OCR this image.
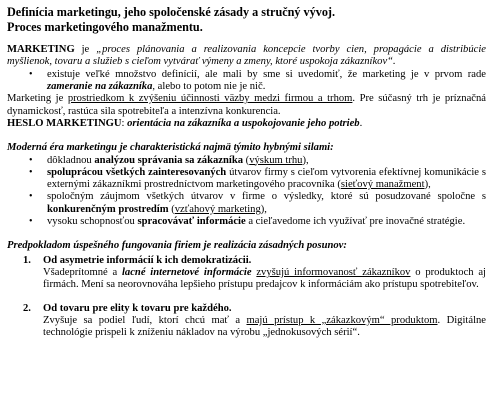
Definícia marketingu, jeho spoločenské zásady a stručný vývoj.
Proces marketingového manažmentu.

MARKETING je „proces plánovania a realizovania koncepcie tvorby cien, propagácie a distribúcie myšlienok, tovaru a služieb s cieľom vytvárať výmeny a zmeny, ktoré uspokoja zákazníkov“.

• existuje veľké množstvo definícií, ale mali by sme si uvedomiť, že marketing je v prvom rade zameranie na zákazníka, alebo to potom nie je nič.

Marketing je prostriedkom k zvýšeniu účinnosti väzby medzi firmou a trhom. Pre súčasný trh je príznačná dynamickosť, rastúca sila spotrebiteľa a intenzívna konkurencia.

HESLO MARKETINGU: orientácia na zákazníka a uspokojovanie jeho potrieb.

Moderná éra marketingu je charakteristická najmä týmito hybnými silami:

• dôkladnou analýzou správania sa zákazníka (výskum trhu),
• spoluprácou všetkých zainteresovaných útvarov firmy s cieľom vytvorenia efektívnej komunikácie s externými zákazníkmi prostredníctvom marketingového pracovníka (sieťový manažment),
• spoločným záujmom všetkých útvarov v firme o výsledky, ktoré sú posudzované spoločne s konkurenčným prostredím (vzťahový marketing),
• vysoku schopnosťou spracovávať informácie a cieľavedome ich využívať pre inovačné stratégie.

Predpokladom úspešného fungovania firiem je realizácia zásadných posunov:

1. Od asymetrie informácií k ich demokratizácii.
Všadeprítomné a lacné internetové informácie zvyšujú informovanosť zákazníkov o produktoch aj firmách. Mení sa neorovnováha lepšieho prístupu predajcov k informáciám ako prístupu spotrebiteľov.
2. Od tovaru pre elity k tovaru pre každého.
Zvyšuje sa podiel ľudí, ktorí chcú mať a majú prístup k „zákazkovým“ produktom. Digitálne technológie prispeli k zníženiu nákladov na výrobu „jednokusových sérií“.
